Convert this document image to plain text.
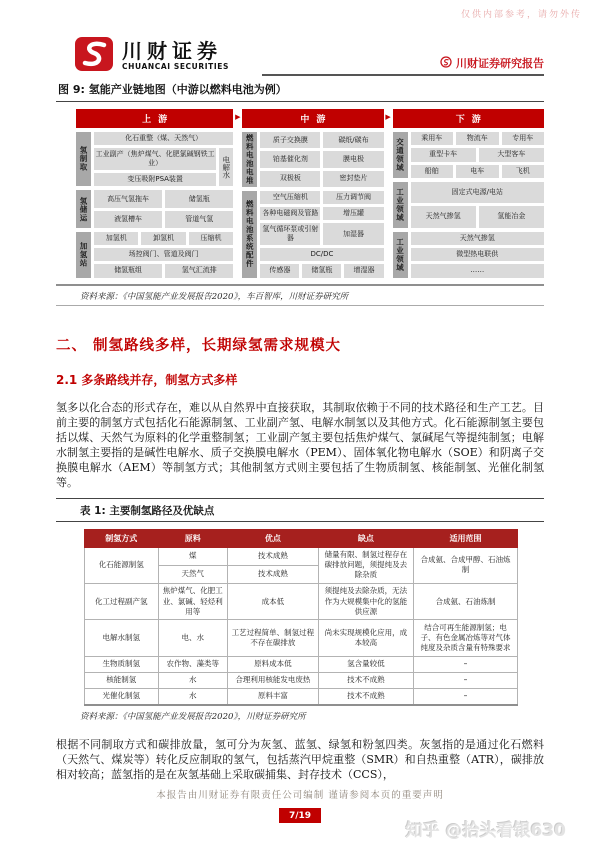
仅供内部参考，请勿外传
川财证券
CHUANCAI SECURITIES	川财证券研究报告
图 9: 氢能产业链地图（中游以燃料电池为例）
上游
氢制取
化石重整（煤、天然气）
工业副产（焦炉煤气、化肥氯碱钢铁工业）
变压吸附PSA装置
电解水
氢储运	高压气氢拖车	储氢瓶
液氢槽车	管道气氢
加氢站
加氢机	卸氢机	压缩机
场控阀门、管道及阀门
储氢瓶组	氢气汇流排
▶	中游
燃料电池电堆	质子交换膜	碳纸/碳布
铂基催化剂	膜电极
双极板	密封垫片
燃料电池系统配件
空气压缩机	压力调节阀
各种电磁阀及管路	增压罐
氢气循环泵或引射器
加湿器
DC/DC
传感器	储氢瓶	增湿器
▶	下游
交通领域	乘用车	物流车	专用车
重型卡车	大型客车
船舶	电车	飞机
工业领域	固定式电源/电站
天然气掺氢	氢能冶金
工业领域	天然气掺氢
微型热电联供
……
资料来源：《中国氢能产业发展报告2020》，车百智库，川财证券研究所
二、 制氢路线多样，长期绿氢需求规模大
2.1 多条路线并存，制氢方式多样

氢多以化合态的形式存在，难以从自然界中直接获取，其制取依赖于不同的技术路径和生产工艺。目前主要的制氢方式包括化石能源制氢、工业副产氢、电解水制氢以及其他方式。化石能源制氢主要包括以煤、天然气为原料的化学重整制氢；工业副产氢主要包括焦炉煤气、氯碱尾气等提纯制氢；电解水制氢主要指的是碱性电解水、质子交换膜电解水（PEM）、固体氧化物电解水（SOE）和阴离子交换膜电解水（AEM）等制氢方式；其他制氢方式则主要包括了生物质制氢、核能制氢、光催化制氢等。

表 1: 主要制氢路径及优缺点
制氢方式	原料	优点	缺点	适用范围
化石能源制氢	煤	技术成熟	储量有限、制氢过程存在碳排放问题，须提纯及去除杂质	合成氨、合成甲醇、石油炼制
	天然气	技术成熟		
化工过程副产氢	焦炉煤气、化肥工业、氯碱、轻烃利用等	成本低	须提纯及去除杂质，无法作为大规模集中化的氢能供应源	合成氨、石油炼制
电解水制氢	电、水	工艺过程简单、制氢过程不存在碳排放	尚未实现规模化应用，成本较高	结合可再生能源制氢；电子、有色金属冶炼等对气体纯度及杂质含量有特殊要求
生物质制氢	农作物、藻类等	原料成本低	氢含量较低	–
核能制氢	水	合理利用核能发电废热	技术不成熟	–
光催化制氢	水	原料丰富	技术不成熟	–
资料来源：《中国氢能产业发展报告2020》，川财证券研究所

根据不同制取方式和碳排放量，氢可分为灰氢、蓝氢、绿氢和粉氢四类。灰氢指的是通过化石燃料（天然气、煤炭等）转化反应制取的氢气，包括蒸汽甲烷重整（SMR）和自热重整（ATR），碳排放相对较高；蓝氢指的是在灰氢基础上采取碳捕集、封存技术（CCS），

本报告由川财证券有限责任公司编制 谨请参阅本页的重要声明
7/19
知乎 @拾头看银630
